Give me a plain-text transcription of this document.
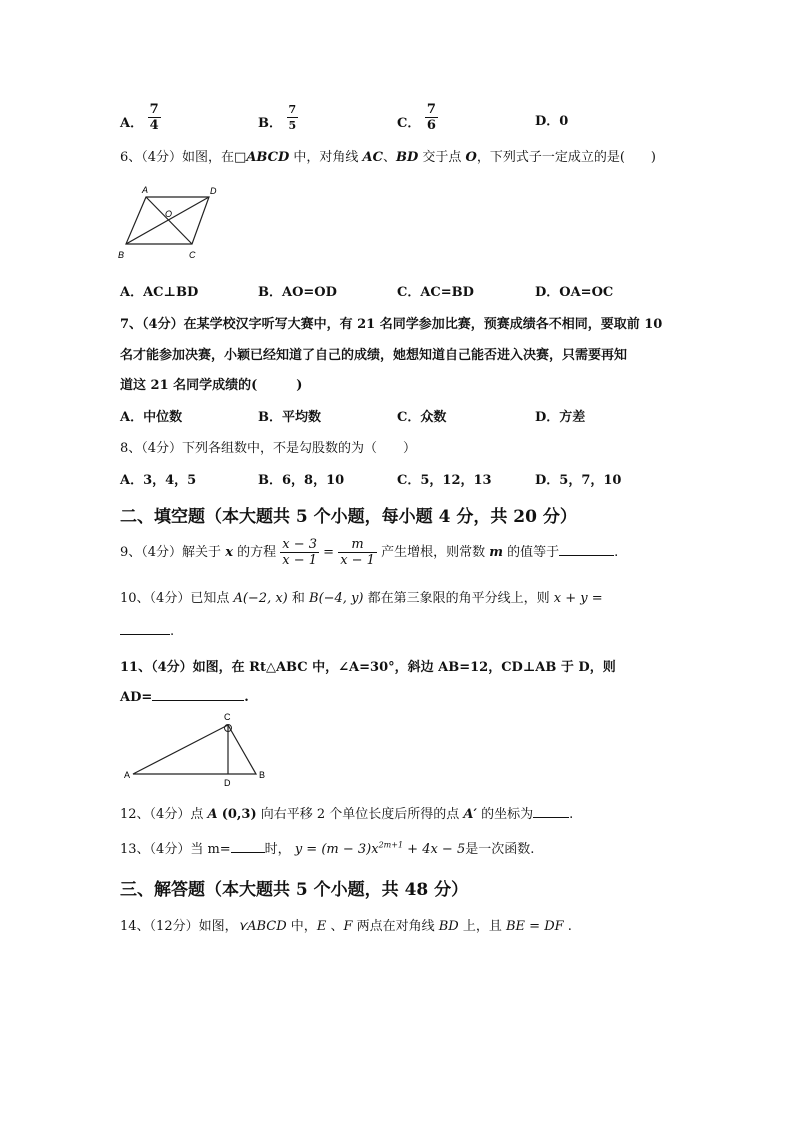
A． $\frac{7}{4}$	B． $\frac{7}{5}$	C． $\frac{7}{6}$	D．0
6、（4分）如图，在□ABCD 中，对角线 AC、BD 交于点 O，下列式子一定成立的是(　　)
A	D
O
B	C
A．AC⊥BD	B．AO=OD	C．AC=BD	D．OA=OC
7、（4分）在某学校汉字听写大赛中，有 21 名同学参加比赛，预赛成绩各不相同，要取前 10
名才能参加决赛，小颖已经知道了自己的成绩，她想知道自己能否进入决赛，只需要再知
道这 21 名同学成绩的(　　　)
A．中位数	B．平均数	C．众数	D．方差
8、（4分）下列各组数中，不是勾股数的为（　　）
A．3，4，5	B．6，8，10	C．5，12，13	D．5，7，10
二、填空题（本大题共 5 个小题，每小题 4 分，共 20 分）
9、（4分）解关于 x 的方程 $\frac{x - 3}{x - 1} = \frac{m}{x - 1}$ 产生增根，则常数 m 的值等于	.
10、（4分）已知点 A(−2, x) 和 B(−4, y) 都在第三象限的角平分线上，则 x + y =
.
11、（4分）如图，在 Rt△ABC 中，∠A=30°，斜边 AB=12，CD⊥AB 于 D，则
AD=	.
A	B
C
D
12、（4分）点 A (0,3) 向右平移 2 个单位长度后所得的点 A′ 的坐标为	.
13、（4分）当 m=	时， $y = (m - 3)x^{2m+1} + 4x - 5$是一次函数.
三、解答题（本大题共 5 个小题，共 48 分）
14、（12分）如图，⋎ABCD 中，E 、F 两点在对角线 BD 上，且 BE = DF .
